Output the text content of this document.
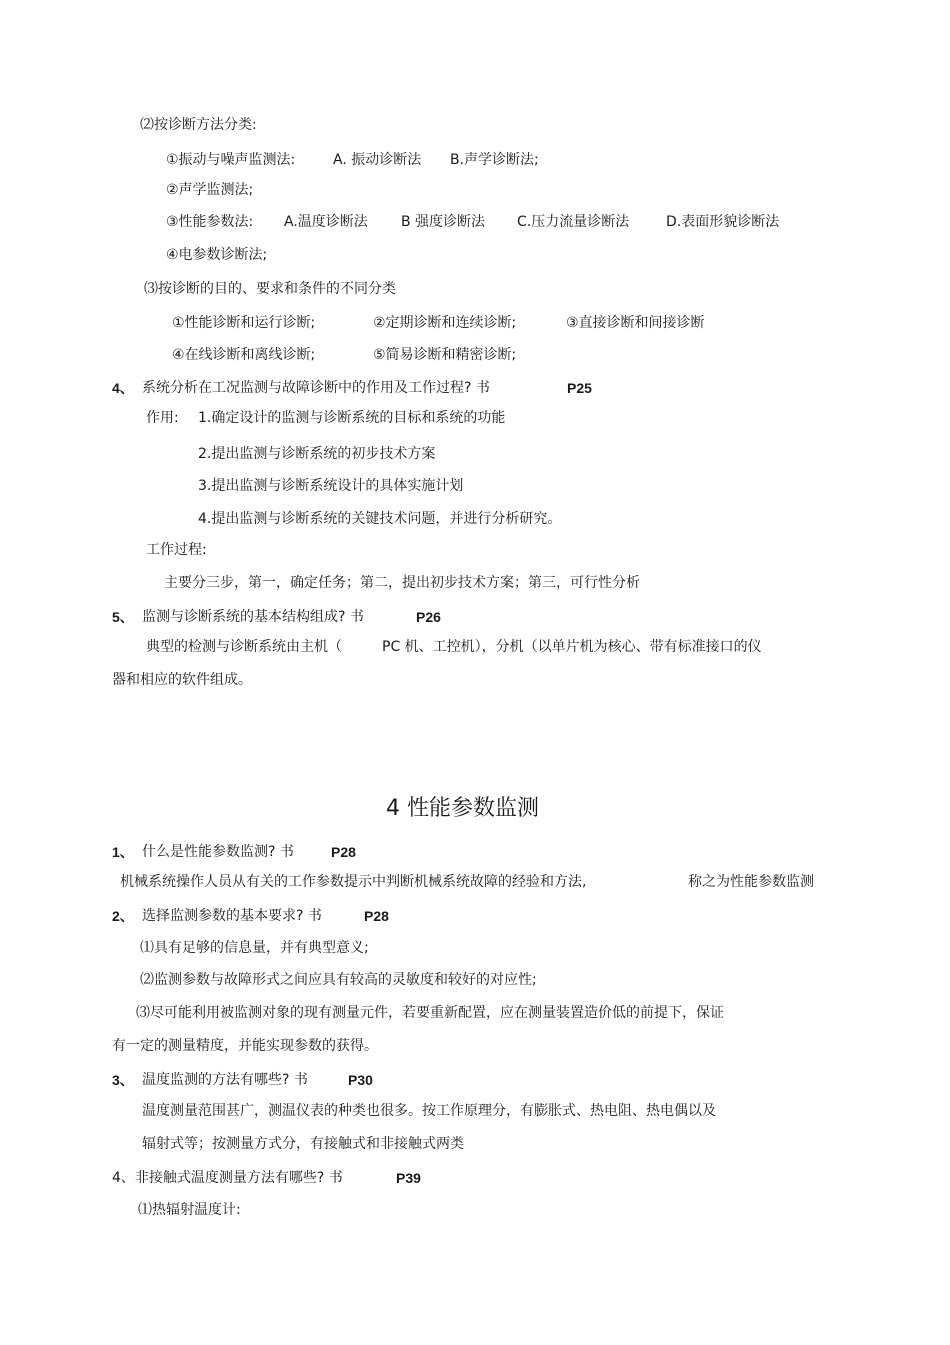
⑵按诊断方法分类:
①振动与噪声监测法:	A. 振动诊断法 B.声学诊断法;
②声学监测法;
③性能参数法: A.温度诊断法 B 强度诊断法 C.压力流量诊断法	D.表面形貌诊断法
④电参数诊断法;
⑶按诊断的目的、要求和条件的不同分类
①性能诊断和运行诊断;	②定期诊断和连续诊断;	③直接诊断和间接诊断
④在线诊断和离线诊断;	⑤简易诊断和精密诊断;
4、 系统分析在工况监测与故障诊断中的作用及工作过程? 书	P25
作用: 1.确定设计的监测与诊断系统的目标和系统的功能
2.提出监测与诊断系统的初步技术方案
3.提出监测与诊断系统设计的具体实施计划
4.提出监测与诊断系统的关键技术问题，并进行分析研究。
工作过程:
主要分三步，第一，确定任务；第二，提出初步技术方案；第三，可行性分析
5、 监测与诊断系统的基本结构组成? 书	P26
典型的检测与诊断系统由主机（	PC 机、工控机），分机（以单片机为核心、带有标准接口的仪
器和相应的软件组成。
4 性能参数监测
1、 什么是性能参数监测? 书	P28
机械系统操作人员从有关的工作参数提示中判断机械系统故障的经验和方法,	称之为性能参数监测
2、 选择监测参数的基本要求? 书	P28
⑴具有足够的信息量，并有典型意义;
⑵监测参数与故障形式之间应具有较高的灵敏度和较好的对应性;
⑶尽可能利用被监测对象的现有测量元件，若要重新配置，应在测量装置造价低的前提下，保证
有一定的测量精度，并能实现参数的获得。
3、 温度监测的方法有哪些? 书	P30
温度测量范围甚广，测温仪表的种类也很多。按工作原理分，有膨胀式、热电阻、热电偶以及
辐射式等；按测量方式分，有接触式和非接触式两类
4、非接触式温度测量方法有哪些? 书	P39
⑴热辐射温度计:
